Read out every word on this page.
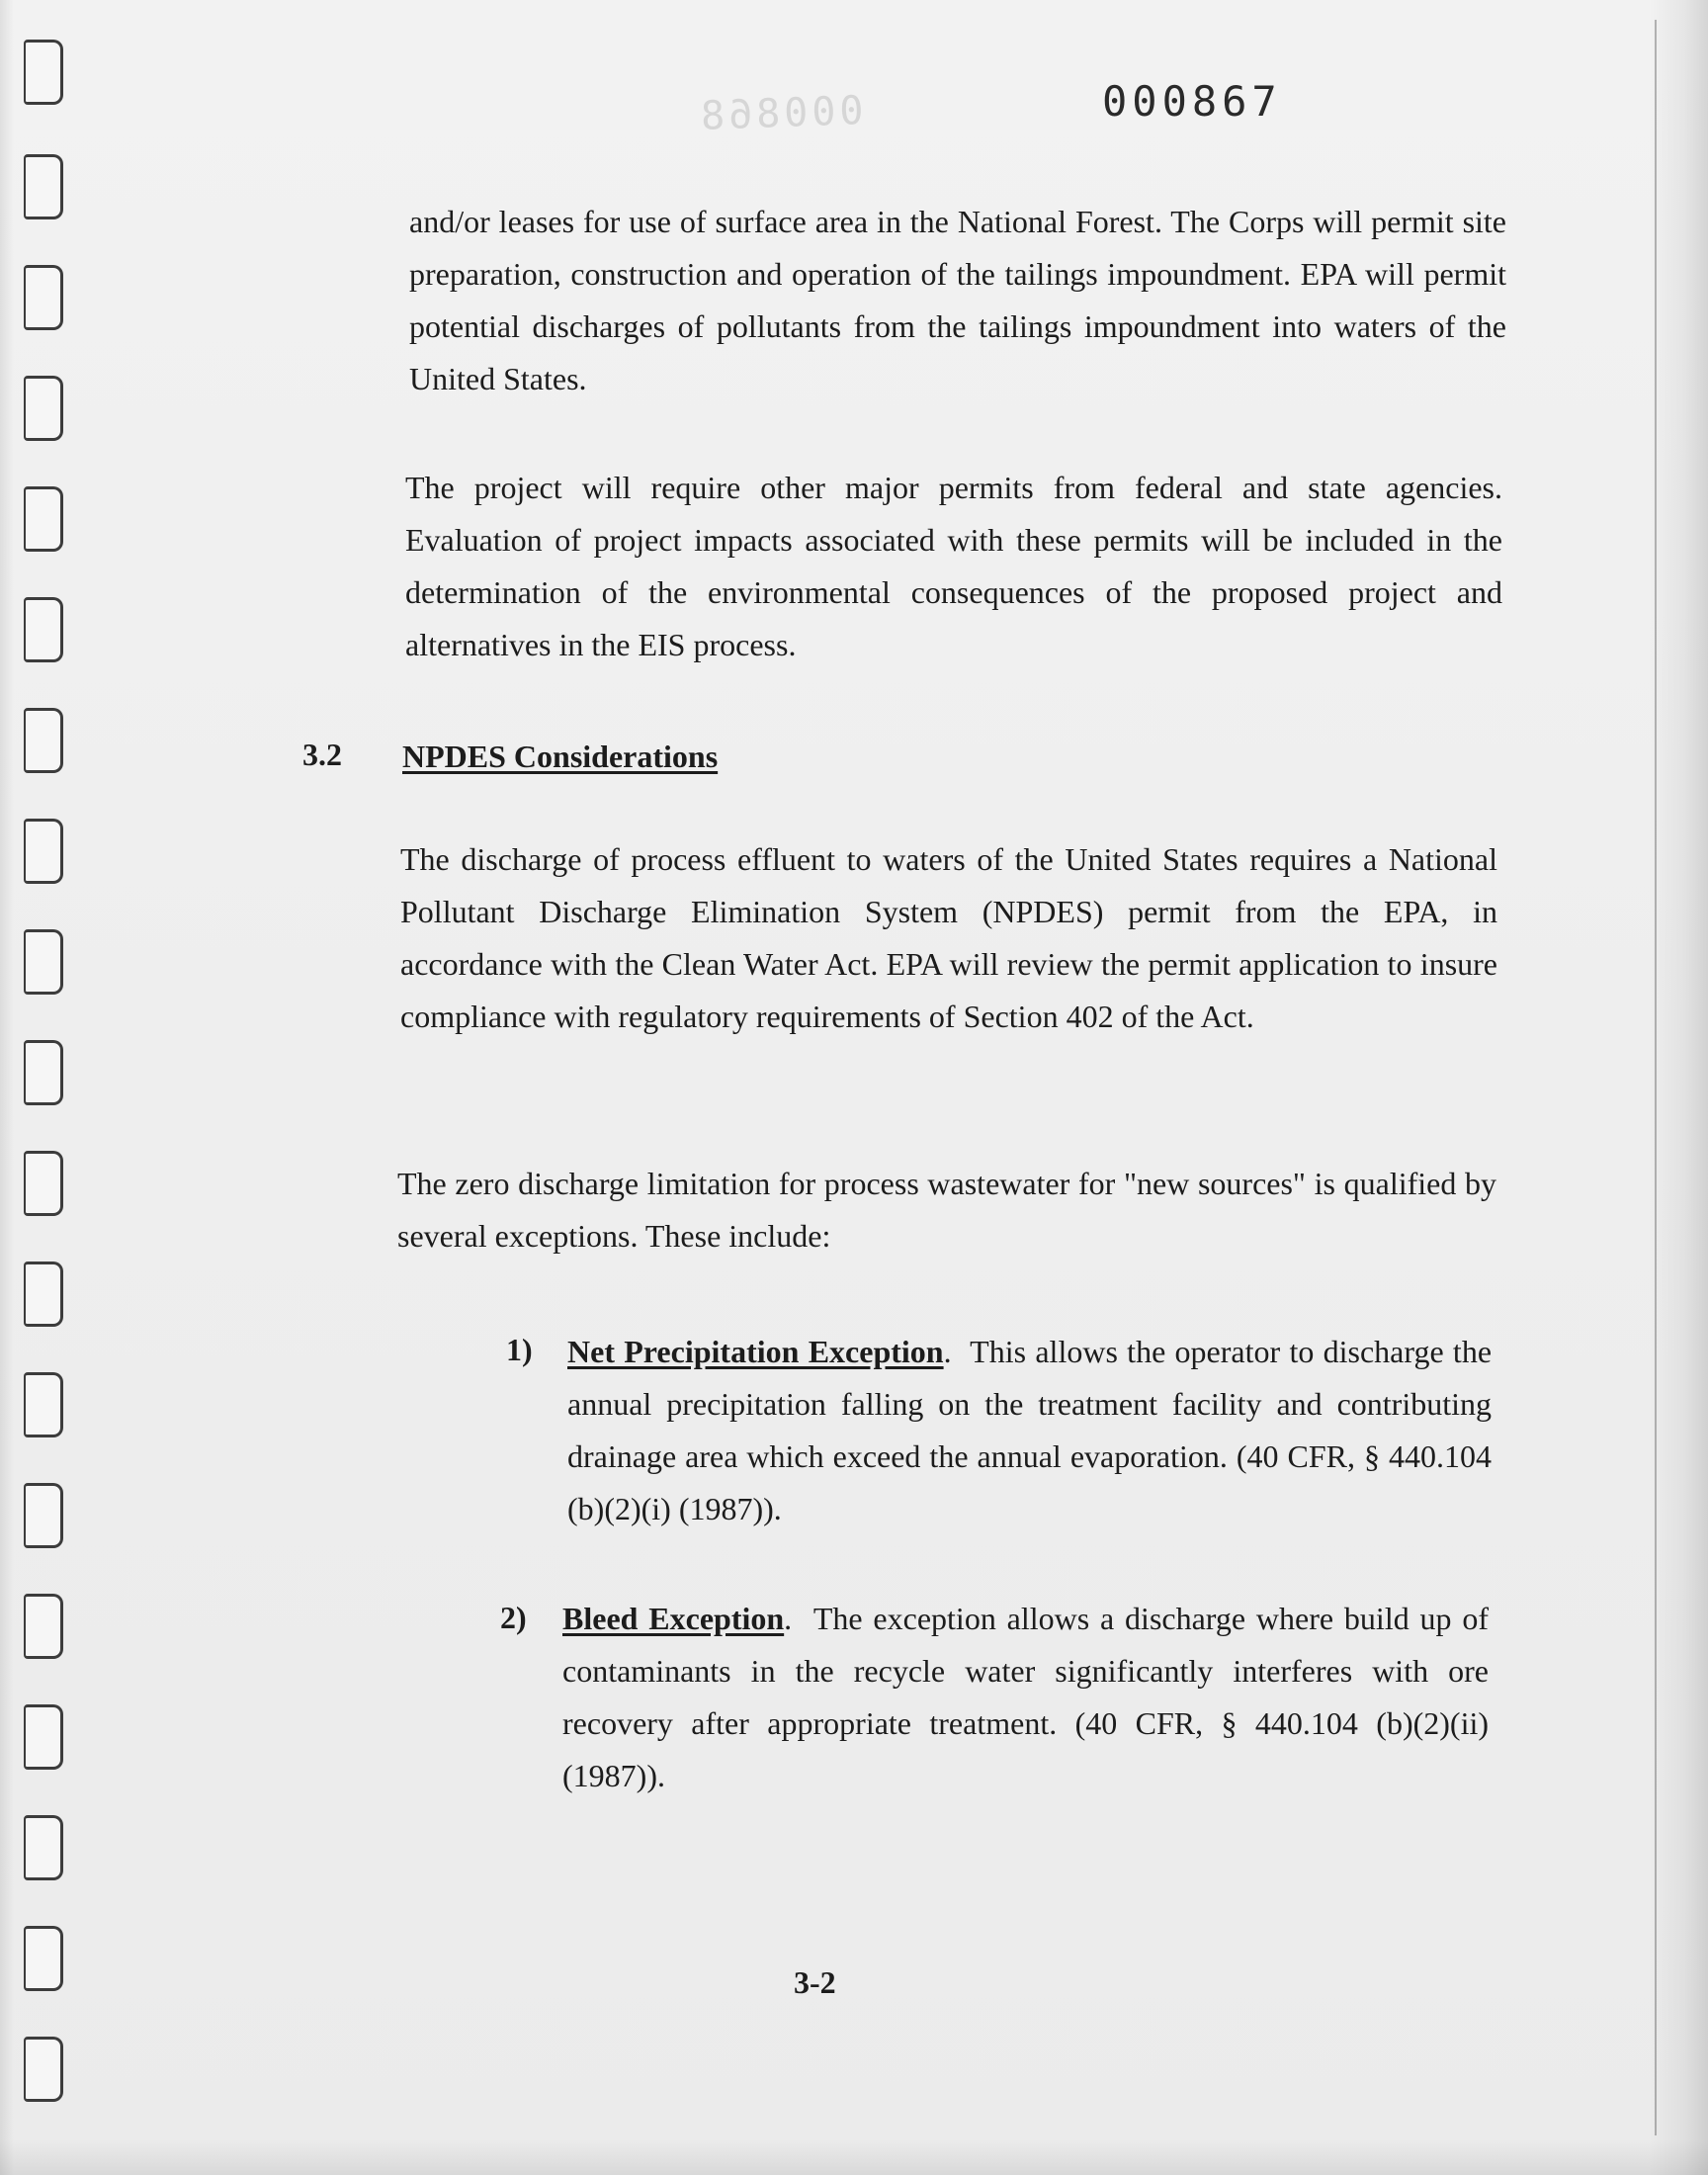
000868	000867

and/or leases for use of surface area in the National Forest. The Corps will permit site preparation, construction and operation of the tailings impoundment. EPA will permit potential discharges of pollutants from the tailings impoundment into waters of the United States.

The project will require other major permits from federal and state agencies. Evaluation of project impacts associated with these permits will be included in the determination of the environmental consequences of the proposed project and alternatives in the EIS process.

3.2 NPDES Considerations

The discharge of process effluent to waters of the United States requires a National Pollutant Discharge Elimination System (NPDES) permit from the EPA, in accordance with the Clean Water Act. EPA will review the permit application to insure compliance with regulatory requirements of Section 402 of the Act.

The zero discharge limitation for process wastewater for "new sources" is qualified by several exceptions. These include:

1) Net Precipitation Exception. This allows the operator to discharge the annual precipitation falling on the treatment facility and contributing drainage area which exceed the annual evaporation. (40 CFR, § 440.104 (b)(2)(i) (1987)).

2) Bleed Exception. The exception allows a discharge where build up of contaminants in the recycle water significantly interferes with ore recovery after appropriate treatment. (40 CFR, § 440.104 (b)(2)(ii) (1987)).

3-2
